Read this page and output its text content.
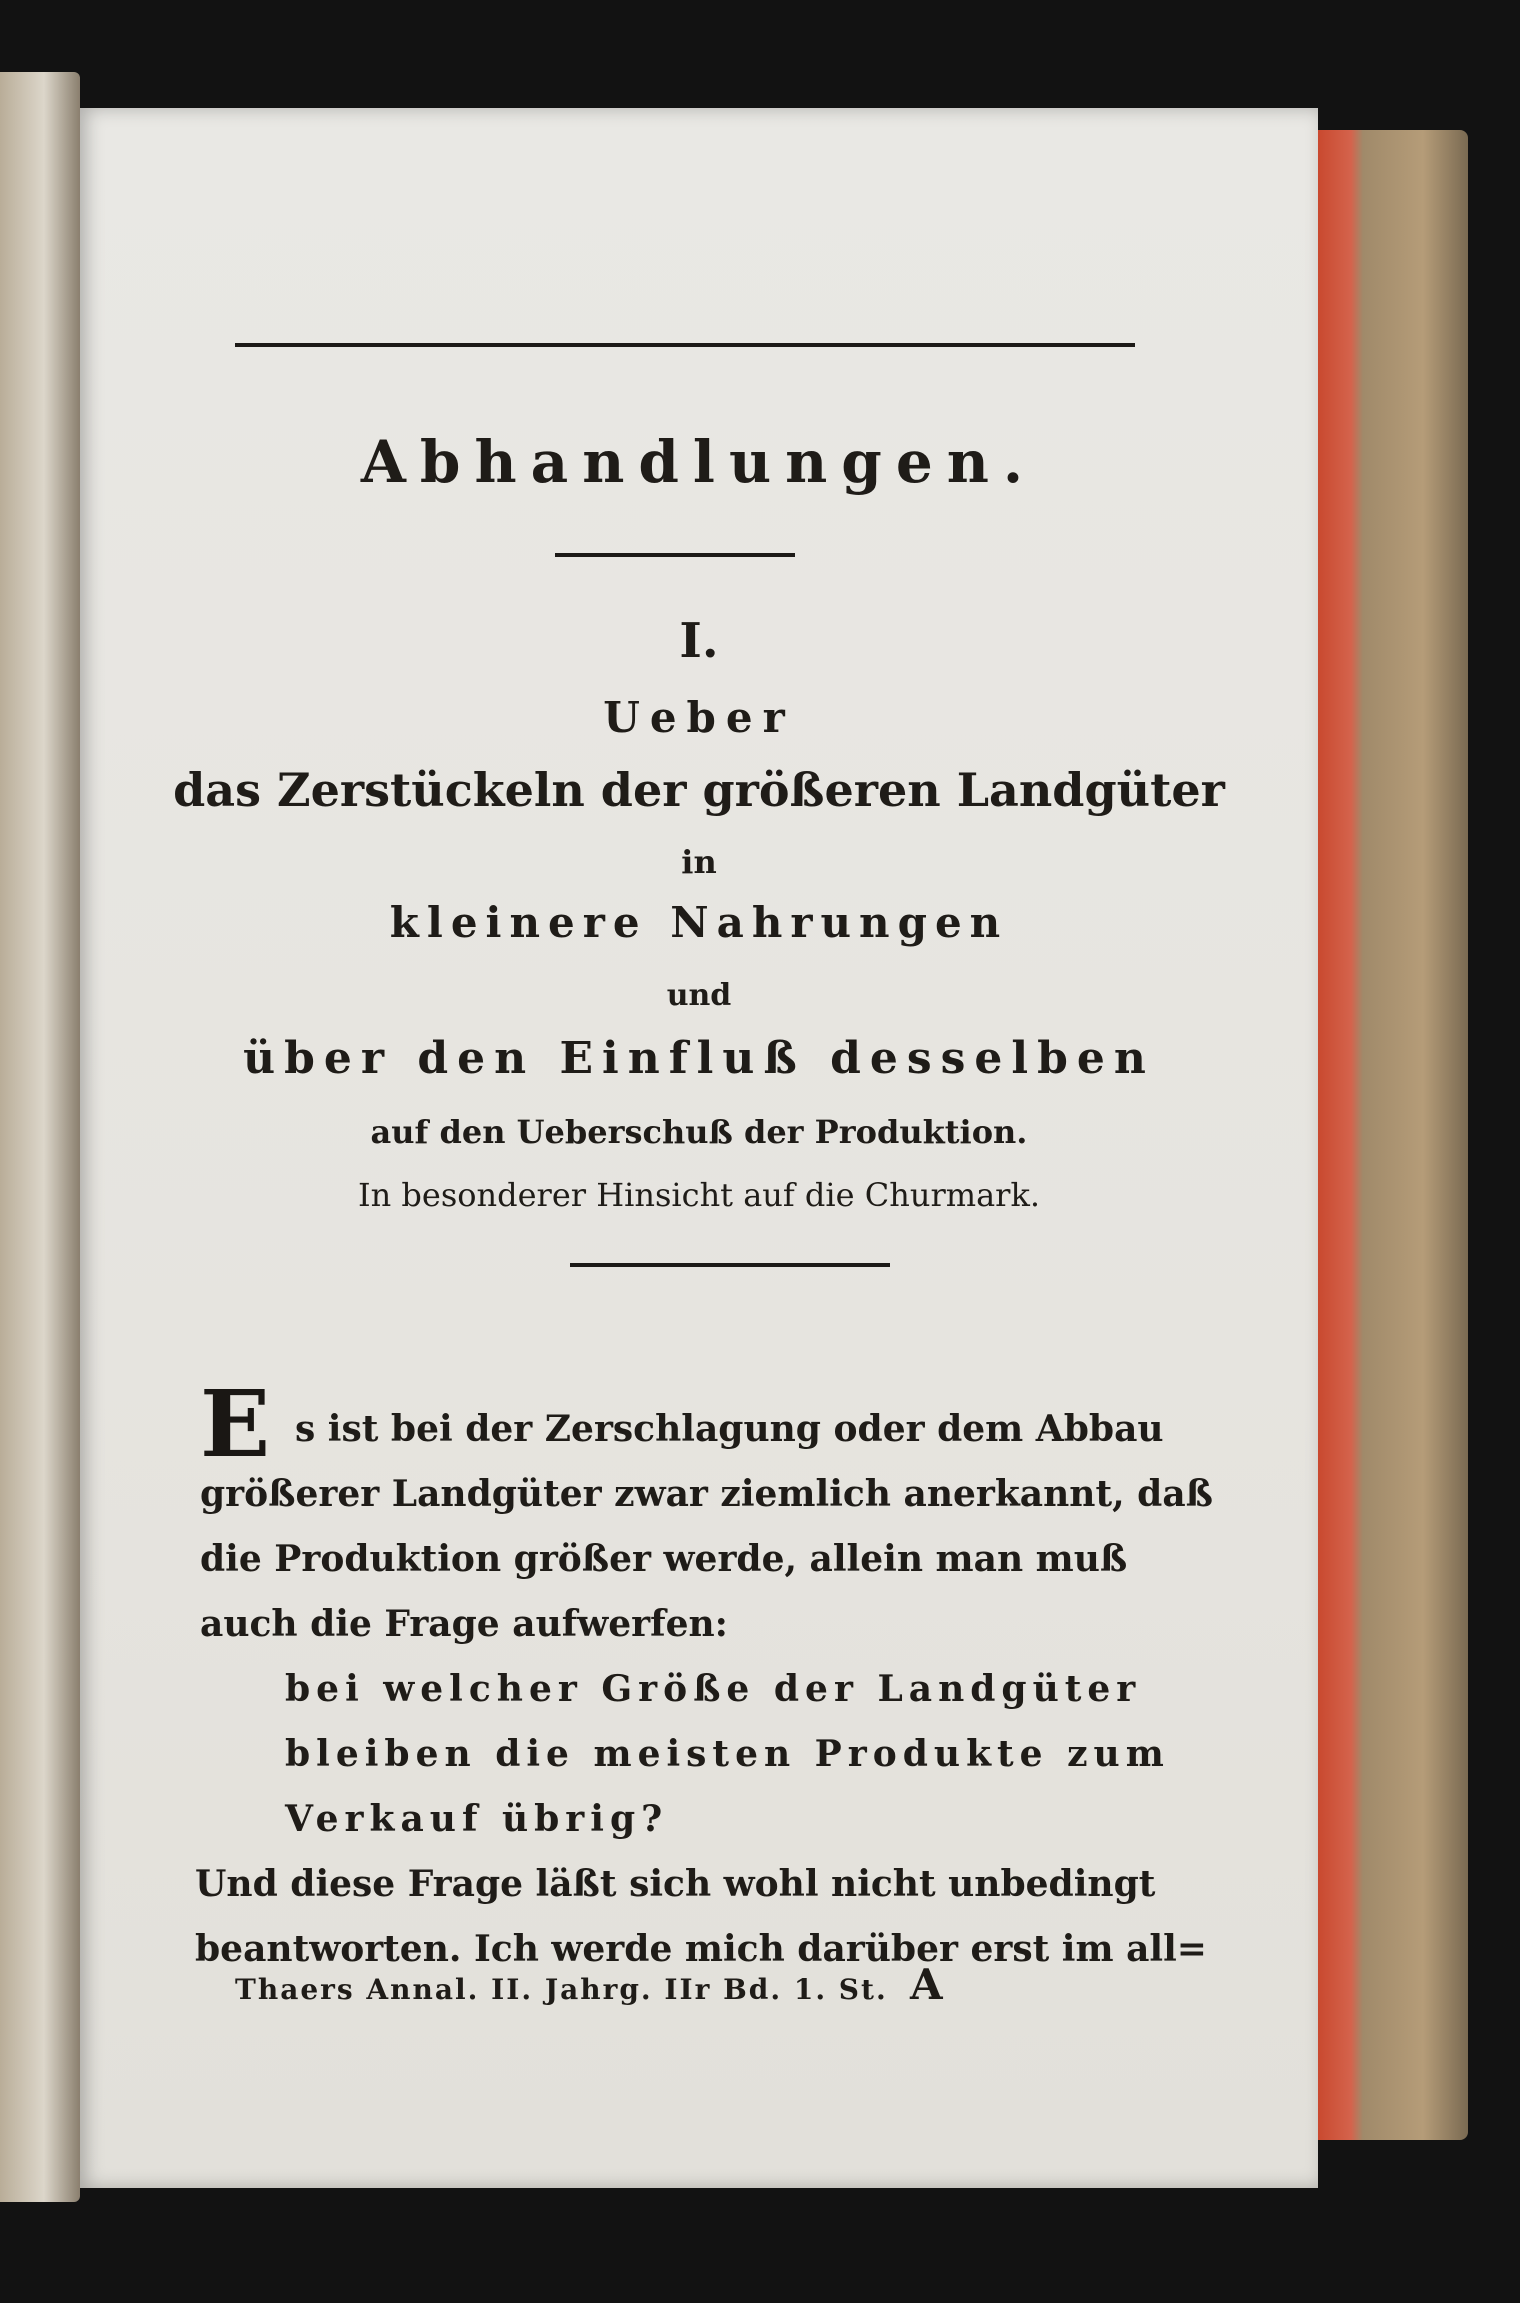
Abhandlungen.
I.
Ueber
das Zerstückeln der größeren Landgüter
in
kleinere Nahrungen
und
über den Einfluß desselben
auf den Ueberschuß der Produktion.
In besonderer Hinsicht auf die Churmark.
E s ist bei der Zerschlagung oder dem Abbau
größerer Landgüter zwar ziemlich anerkannt, daß
die Produktion größer werde, allein man muß
auch die Frage aufwerfen:
bei welcher Größe der Landgüter
bleiben die meisten Produkte zum
Verkauf übrig?
Und diese Frage läßt sich wohl nicht unbedingt
beantworten. Ich werde mich darüber erst im all=
Thaers Annal. II. Jahrg. IIr Bd. 1. St. A
